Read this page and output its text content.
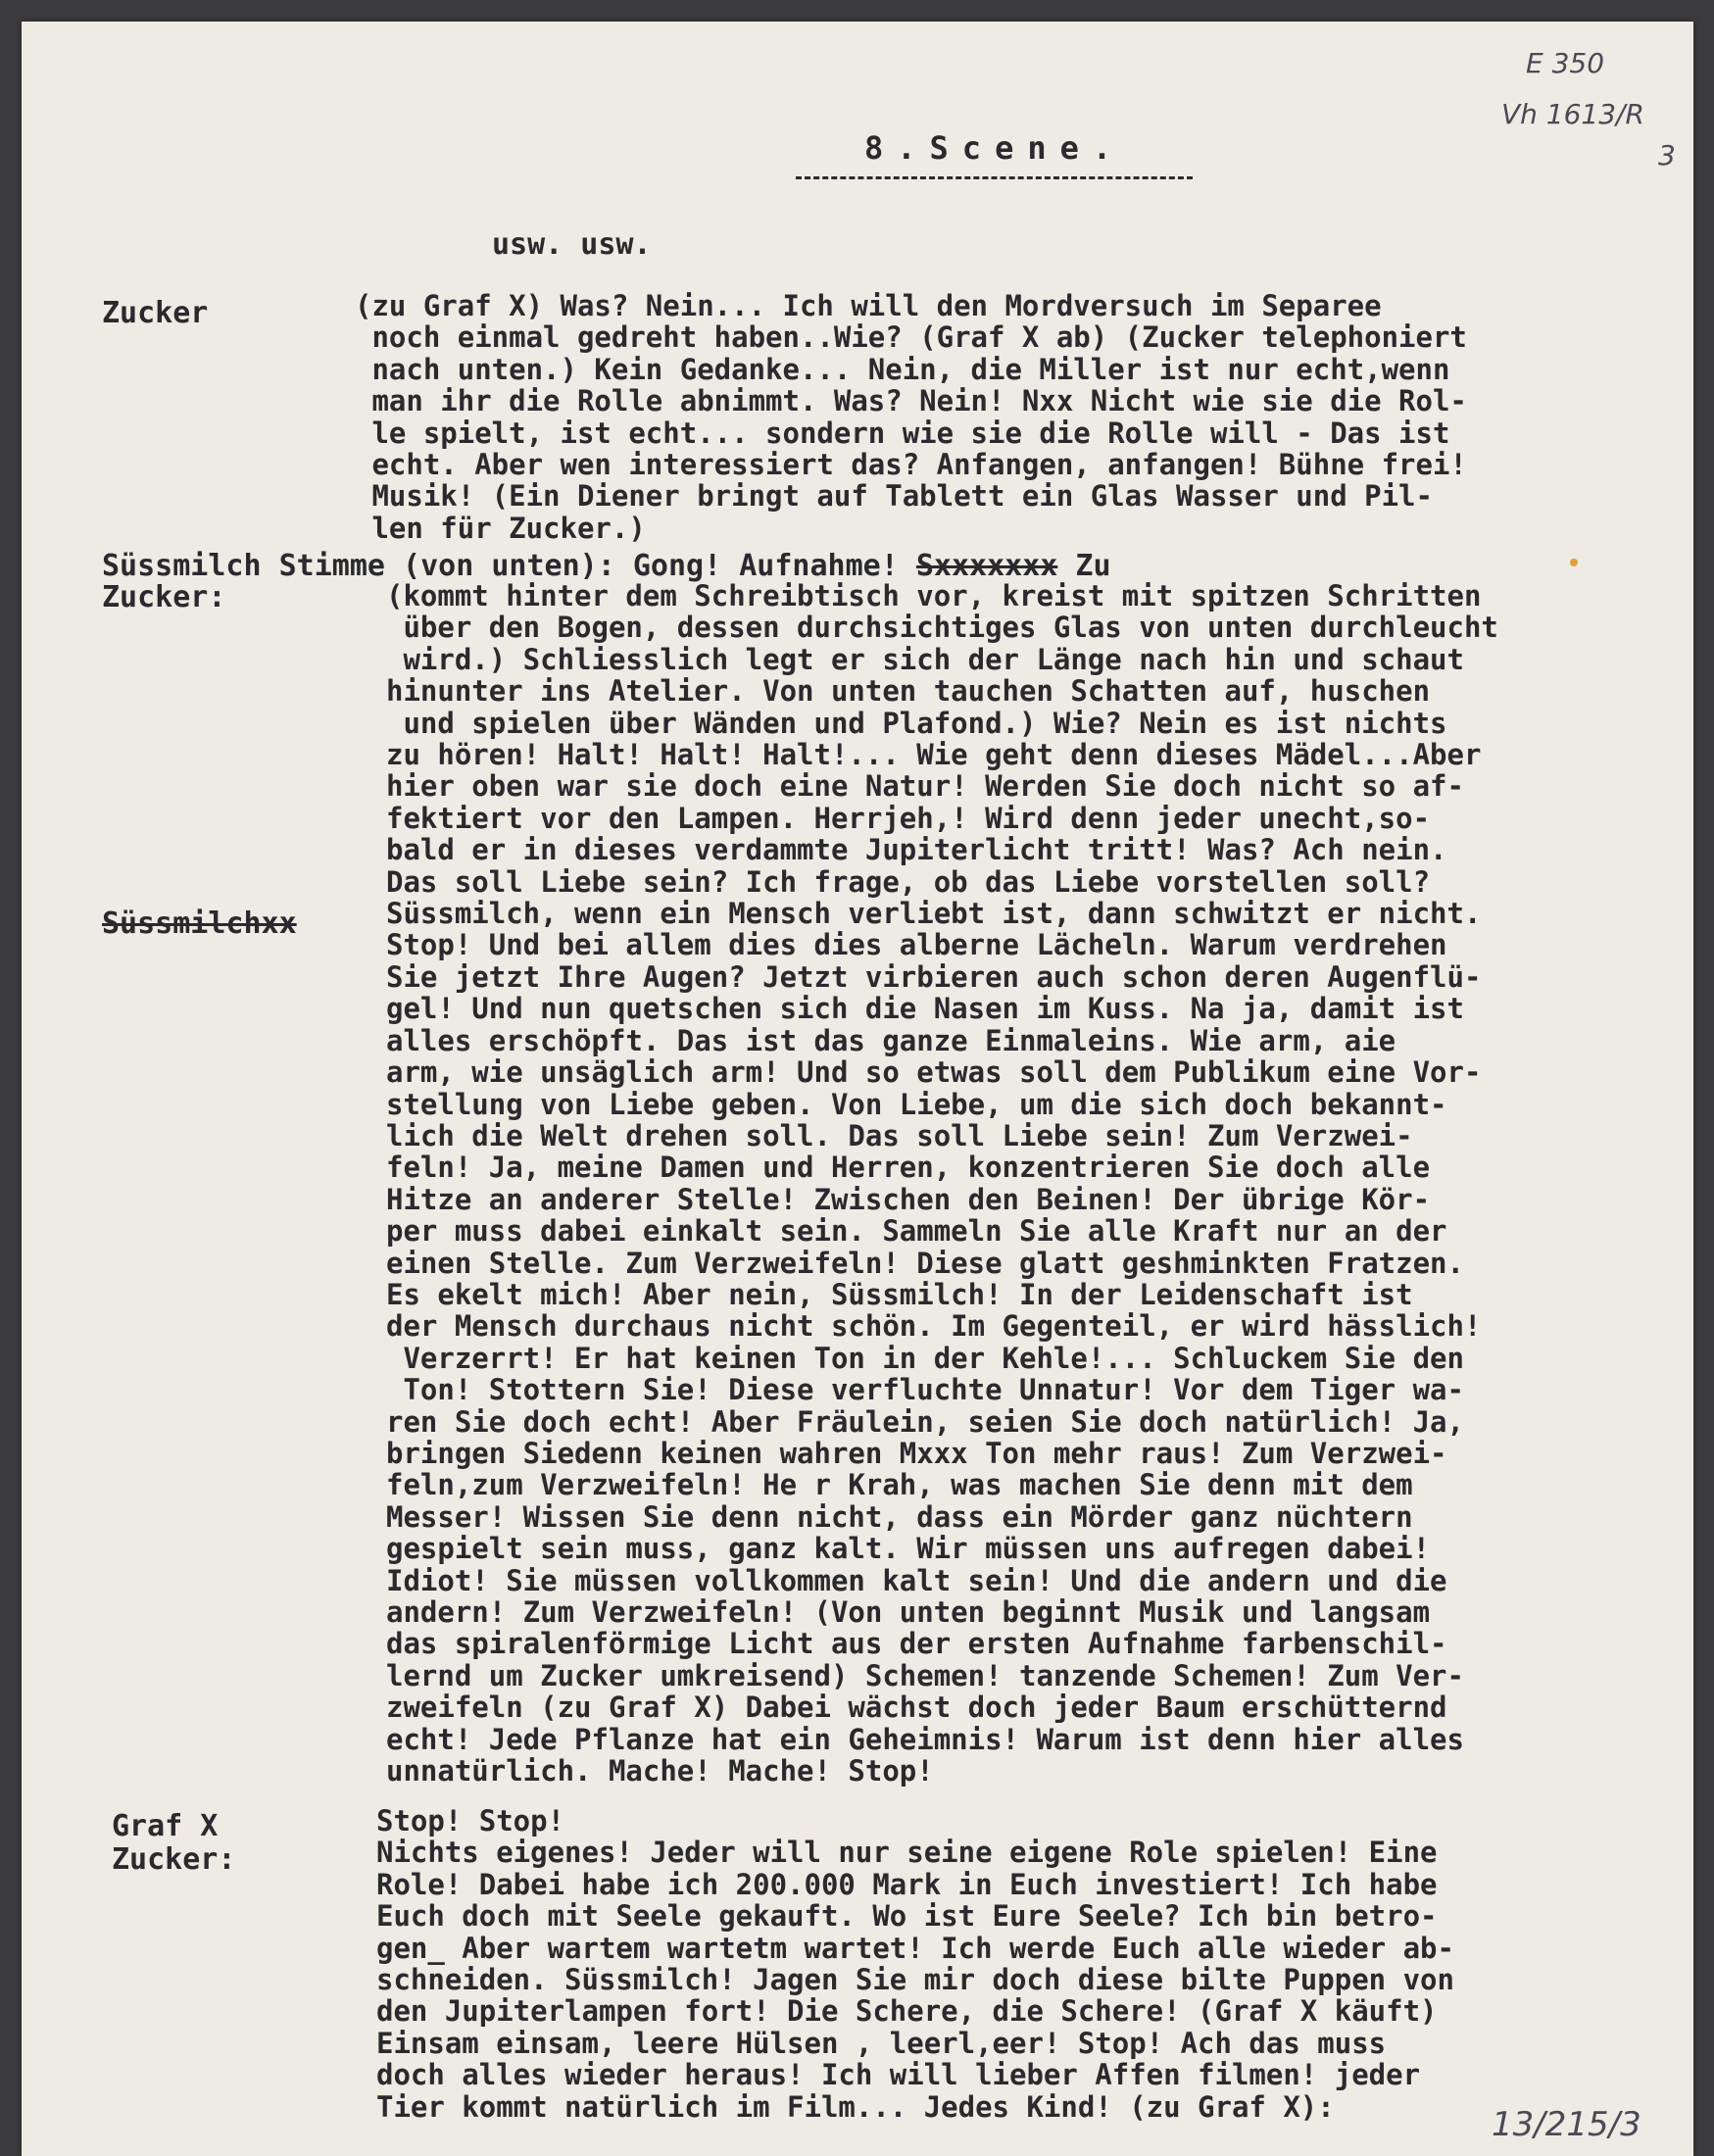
E 350
Vh 1613/R
3
13/215/3
8.Scene.
usw. usw.
Zucker	(zu Graf X) Was? Nein... Ich will den Mordversuch im Separee
noch einmal gedreht haben..Wie? (Graf X ab) (Zucker telephoniert
nach unten.) Kein Gedanke... Nein, die Miller ist nur echt,wenn
man ihr die Rolle abnimmt. Was? Nein! Nxx Nicht wie sie die Rol-
le spielt, ist echt... sondern wie sie die Rolle will - Das ist
echt. Aber wen interessiert das? Anfangen, anfangen! Bühne frei!
Musik! (Ein Diener bringt auf Tablett ein Glas Wasser und Pil-
len für Zucker.)
Süssmilch Stimme (von unten): Gong! Aufnahme! Sxxxxxxx Zu
Zucker:	(kommt hinter dem Schreibtisch vor, kreist mit spitzen Schritten
über den Bogen, dessen durchsichtiges Glas von unten durchleucht
wird.) Schliesslich legt er sich der Länge nach hin und schaut
hinunter ins Atelier. Von unten tauchen Schatten auf, huschen
und spielen über Wänden und Plafond.) Wie? Nein es ist nichts
zu hören! Halt! Halt! Halt!... Wie geht denn dieses Mädel...Aber
hier oben war sie doch eine Natur! Werden Sie doch nicht so af-
fektiert vor den Lampen. Herrjeh,! Wird denn jeder unecht,so-
bald er in dieses verdammte Jupiterlicht tritt! Was? Ach nein.
Das soll Liebe sein? Ich frage, ob das Liebe vorstellen soll?
Süssmilch, wenn ein Mensch verliebt ist, dann schwitzt er nicht.
Stop! Und bei allem dies dies alberne Lächeln. Warum verdrehen
Sie jetzt Ihre Augen? Jetzt virbieren auch schon deren Augenflü-
gel! Und nun quetschen sich die Nasen im Kuss. Na ja, damit ist
alles erschöpft. Das ist das ganze Einmaleins. Wie arm, aie
arm, wie unsäglich arm! Und so etwas soll dem Publikum eine Vor-
stellung von Liebe geben. Von Liebe, um die sich doch bekannt-
lich die Welt drehen soll. Das soll Liebe sein! Zum Verzwei-
feln! Ja, meine Damen und Herren, konzentrieren Sie doch alle
Hitze an anderer Stelle! Zwischen den Beinen! Der übrige Kör-
per muss dabei einkalt sein. Sammeln Sie alle Kraft nur an der
einen Stelle. Zum Verzweifeln! Diese glatt geshminkten Fratzen.
Es ekelt mich! Aber nein, Süssmilch! In der Leidenschaft ist
der Mensch durchaus nicht schön. Im Gegenteil, er wird hässlich!
Verzerrt! Er hat keinen Ton in der Kehle!... Schluckem Sie den
Ton! Stottern Sie! Diese verfluchte Unnatur! Vor dem Tiger wa-
ren Sie doch echt! Aber Fräulein, seien Sie doch natürlich! Ja,
bringen Siedenn keinen wahren Mxxx Ton mehr raus! Zum Verzwei-
feln,zum Verzweifeln! He r Krah, was machen Sie denn mit dem
Messer! Wissen Sie denn nicht, dass ein Mörder ganz nüchtern
gespielt sein muss, ganz kalt. Wir müssen uns aufregen dabei!
Idiot! Sie müssen vollkommen kalt sein! Und die andern und die
andern! Zum Verzweifeln! (Von unten beginnt Musik und langsam
das spiralenförmige Licht aus der ersten Aufnahme farbenschil-
lernd um Zucker umkreisend) Schemen! tanzende Schemen! Zum Ver-
zweifeln (zu Graf X) Dabei wächst doch jeder Baum erschütternd
echt! Jede Pflanze hat ein Geheimnis! Warum ist denn hier alles
unnatürlich. Mache! Mache! Stop!
Süssmilchxx
Graf X
Zucker:
Stop! Stop!
Nichts eigenes! Jeder will nur seine eigene Role spielen! Eine
Role! Dabei habe ich 200.000 Mark in Euch investiert! Ich habe
Euch doch mit Seele gekauft. Wo ist Eure Seele? Ich bin betro-
gen_ Aber wartem wartetm wartet! Ich werde Euch alle wieder ab-
schneiden. Süssmilch! Jagen Sie mir doch diese bilte Puppen von
den Jupiterlampen fort! Die Schere, die Schere! (Graf X käuft)
Einsam einsam, leere Hülsen , leerl,eer! Stop! Ach das muss
doch alles wieder heraus! Ich will lieber Affen filmen! jeder
Tier kommt natürlich im Film... Jedes Kind! (zu Graf X):
